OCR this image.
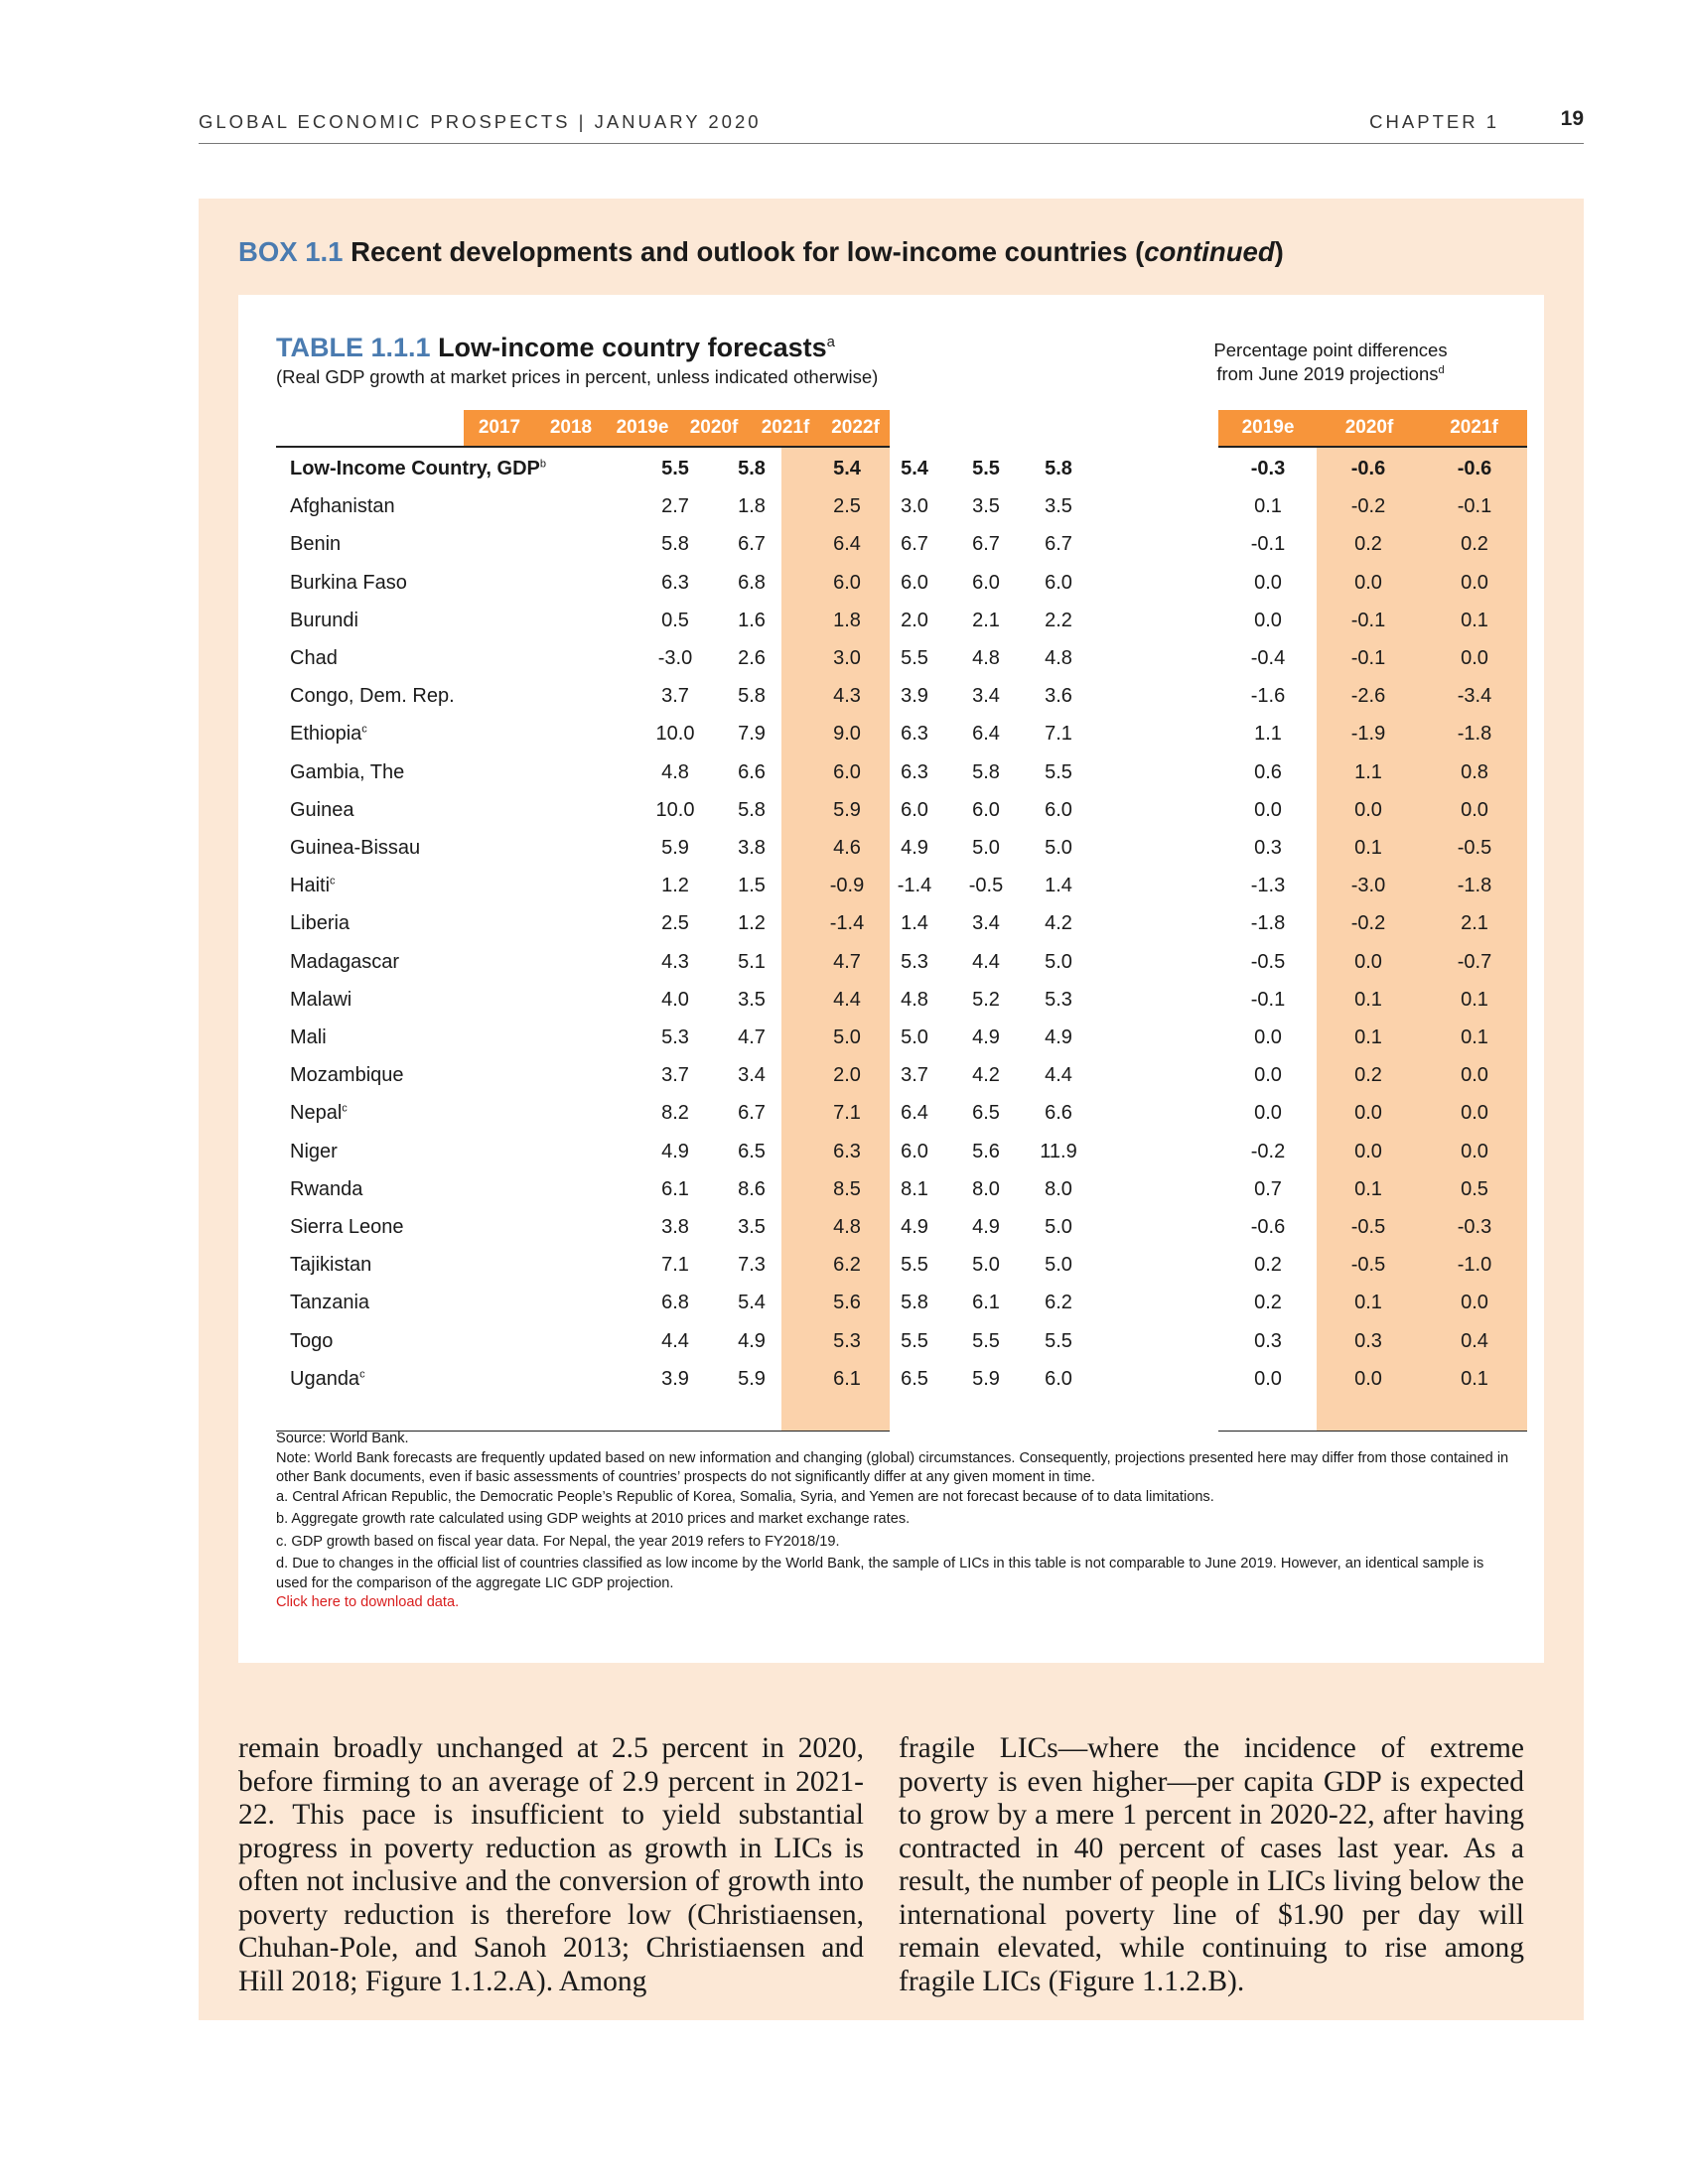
GLOBAL ECONOMIC PROSPECTS | JANUARY 2020	CHAPTER 1	19
BOX 1.1 Recent developments and outlook for low-income countries (continued)
TABLE 1.1.1 Low-income country forecasts$^a$
(Real GDP growth at market prices in percent, unless indicated otherwise)
Percentage point differences
from June 2019 projections$^d$
2017	2018	2019e	2020f	2021f	2022f	2019e	2020f	2021f
Low-Income Country, GDP$^b$	5.5	5.8	5.4	5.4	5.5	5.8	-0.3	-0.6	-0.6
Afghanistan	2.7	1.8	2.5	3.0	3.5	3.5	0.1	-0.2	-0.1
Benin	5.8	6.7	6.4	6.7	6.7	6.7	-0.1	0.2	0.2
Burkina Faso	6.3	6.8	6.0	6.0	6.0	6.0	0.0	0.0	0.0
Burundi	0.5	1.6	1.8	2.0	2.1	2.2	0.0	-0.1	0.1
Chad	-3.0	2.6	3.0	5.5	4.8	4.8	-0.4	-0.1	0.0
Congo, Dem. Rep.	3.7	5.8	4.3	3.9	3.4	3.6	-1.6	-2.6	-3.4
Ethiopia$^c$	10.0	7.9	9.0	6.3	6.4	7.1	1.1	-1.9	-1.8
Gambia, The	4.8	6.6	6.0	6.3	5.8	5.5	0.6	1.1	0.8
Guinea	10.0	5.8	5.9	6.0	6.0	6.0	0.0	0.0	0.0
Guinea-Bissau	5.9	3.8	4.6	4.9	5.0	5.0	0.3	0.1	-0.5
Haiti$^c$	1.2	1.5	-0.9	-1.4	-0.5	1.4	-1.3	-3.0	-1.8
Liberia	2.5	1.2	-1.4	1.4	3.4	4.2	-1.8	-0.2	2.1
Madagascar	4.3	5.1	4.7	5.3	4.4	5.0	-0.5	0.0	-0.7
Malawi	4.0	3.5	4.4	4.8	5.2	5.3	-0.1	0.1	0.1
Mali	5.3	4.7	5.0	5.0	4.9	4.9	0.0	0.1	0.1
Mozambique	3.7	3.4	2.0	3.7	4.2	4.4	0.0	0.2	0.0
Nepal$^c$	8.2	6.7	7.1	6.4	6.5	6.6	0.0	0.0	0.0
Niger	4.9	6.5	6.3	6.0	5.6	11.9	-0.2	0.0	0.0
Rwanda	6.1	8.6	8.5	8.1	8.0	8.0	0.7	0.1	0.5
Sierra Leone	3.8	3.5	4.8	4.9	4.9	5.0	-0.6	-0.5	-0.3
Tajikistan	7.1	7.3	6.2	5.5	5.0	5.0	0.2	-0.5	-1.0
Tanzania	6.8	5.4	5.6	5.8	6.1	6.2	0.2	0.1	0.0
Togo	4.4	4.9	5.3	5.5	5.5	5.5	0.3	0.3	0.4
Uganda$^c$	3.9	5.9	6.1	6.5	5.9	6.0	0.0	0.0	0.1

Source: World Bank.

Note: World Bank forecasts are frequently updated based on new information and changing (global) circumstances. Consequently, projections presented here may differ from those contained in other Bank documents, even if basic assessments of countries’ prospects do not significantly differ at any given moment in time.

a. Central African Republic, the Democratic People’s Republic of Korea, Somalia, Syria, and Yemen are not forecast because of to data limitations.

b. Aggregate growth rate calculated using GDP weights at 2010 prices and market exchange rates.

c. GDP growth based on fiscal year data. For Nepal, the year 2019 refers to FY2018/19.

d. Due to changes in the official list of countries classified as low income by the World Bank, the sample of LICs in this table is not comparable to June 2019. However, an identical sample is used for the comparison of the aggregate LIC GDP projection.

Click here to download data.

remain broadly unchanged at 2.5 percent in 2020, before firming to an average of 2.9 percent in 2021-22. This pace is insufficient to yield substantial progress in poverty reduction as growth in LICs is often not inclusive and the conversion of growth into poverty reduction is therefore low (Christiaensen, Chuhan-Pole, and Sanoh 2013; Christiaensen and Hill 2018; Figure 1.1.2.A). Among
fragile LICs—where the incidence of extreme poverty is even higher—per capita GDP is expected to grow by a mere 1 percent in 2020-22, after having contracted in 40 percent of cases last year. As a result, the number of people in LICs living below the international poverty line of $1.90 per day will remain elevated, while continuing to rise among fragile LICs (Figure 1.1.2.B).
